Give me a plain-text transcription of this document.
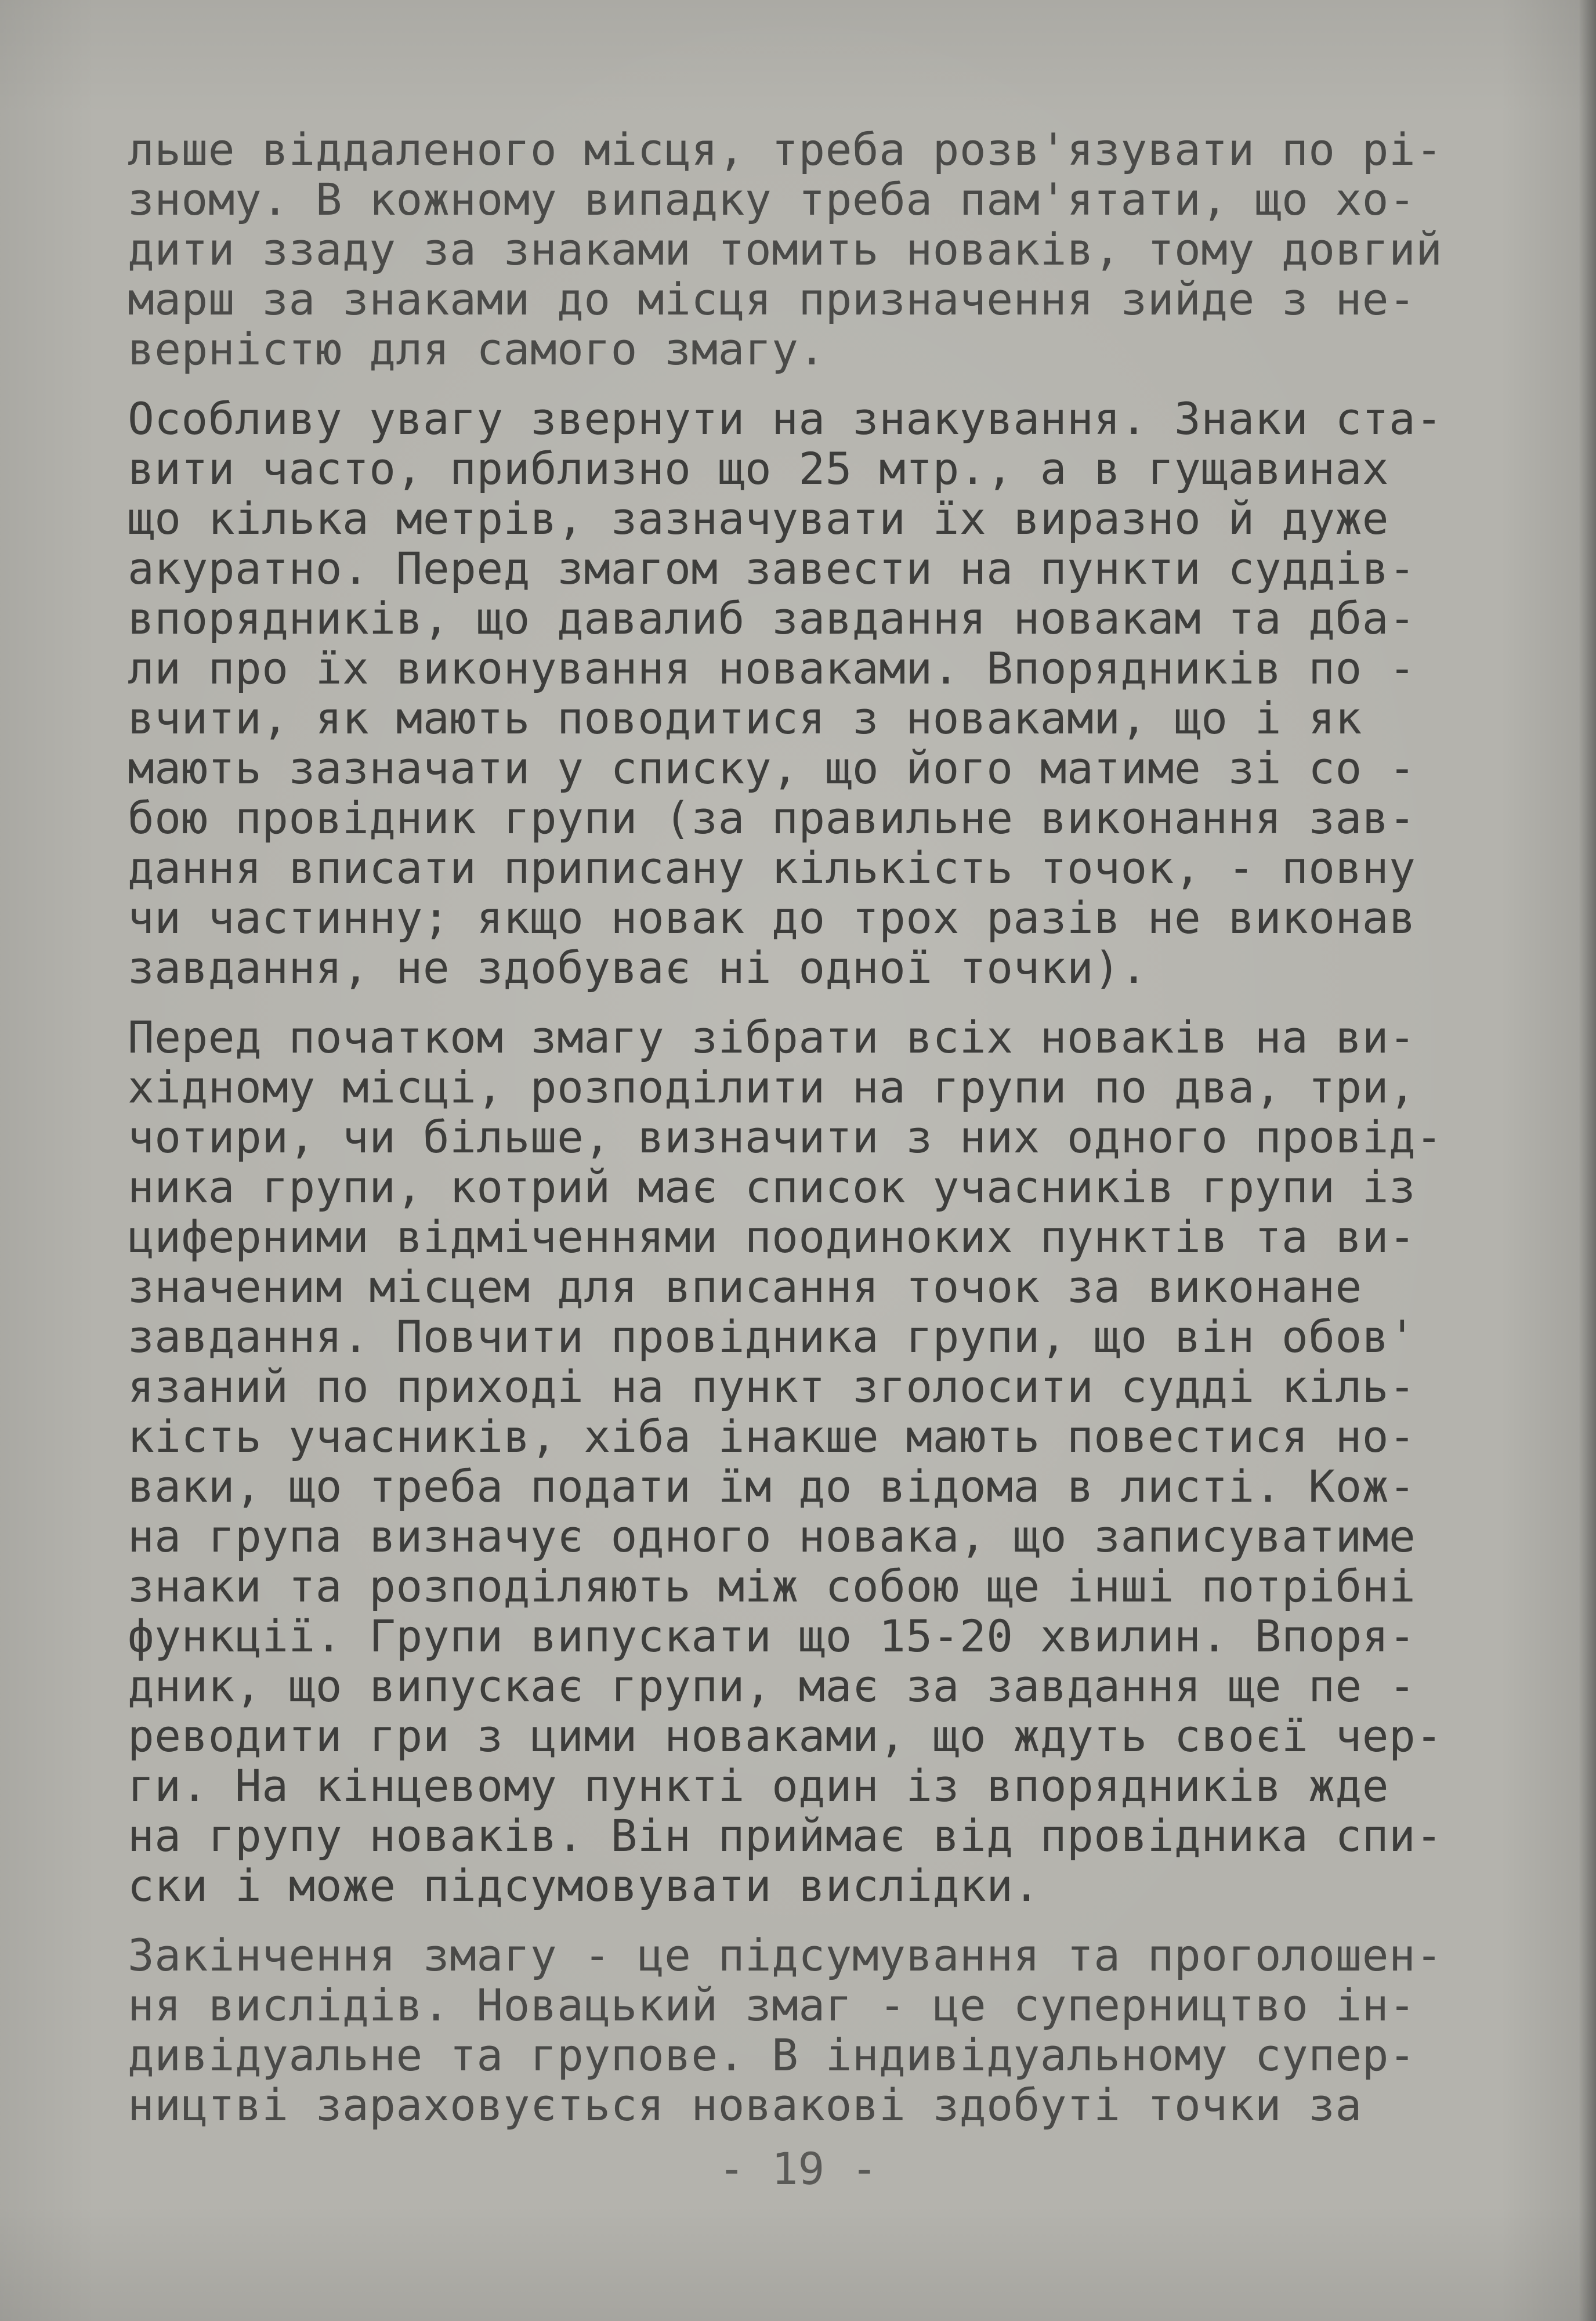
льше віддаленого місця, треба розв'язувати по рі-
зному. В кожному випадку треба пам'ятати, що хо-
дити ззаду за знаками томить новаків, тому довгий
марш за знаками до місця призначення зийде з не-
верністю для самого змагу.
Особливу увагу звернути на знакування. Знаки ста-
вити часто, приблизно що 25 мтр., а в гущавинах
що кілька метрів, зазначувати їх виразно й дуже
акуратно. Перед змагом завести на пункти суддів-
впорядників, що давалиб завдання новакам та дба-
ли про їх виконування новаками. Впорядників по -
вчити, як мають поводитися з новаками, що і як
мають зазначати у списку, що його матиме зі со -
бою провідник групи (за правильне виконання зав-
дання вписати приписану кількість точок, - повну
чи частинну; якщо новак до трох разів не виконав
завдання, не здобуває ні одної точки).
Перед початком змагу зібрати всіх новаків на ви-
хідному місці, розподілити на групи по два, три,
чотири, чи більше, визначити з них одного провід-
ника групи, котрий має список учасників групи із
циферними відміченнями поодиноких пунктів та ви-
значеним місцем для вписання точок за виконане
завдання. Повчити провідника групи, що він обов'
язаний по приході на пункт зголосити судді кіль-
кість учасників, хіба інакше мають повестися но-
ваки, що треба подати їм до відома в листі. Кож-
на група визначує одного новака, що записуватиме
знаки та розподіляють між собою ще інші потрібні
функції. Групи випускати що 15-20 хвилин. Впоря-
дник, що випускає групи, має за завдання ще пе -
реводити гри з цими новаками, що ждуть своєї чер-
ги. На кінцевому пункті один із впорядників жде
на групу новаків. Він приймає від провідника спи-
ски і може підсумовувати вислідки.
Закінчення змагу - це підсумування та проголошен-
ня вислідів. Новацький змаг - це суперництво ін-
дивідуальне та групове. В індивідуальному супер-
ництві зараховується новакові здобуті точки за
- 19 -
